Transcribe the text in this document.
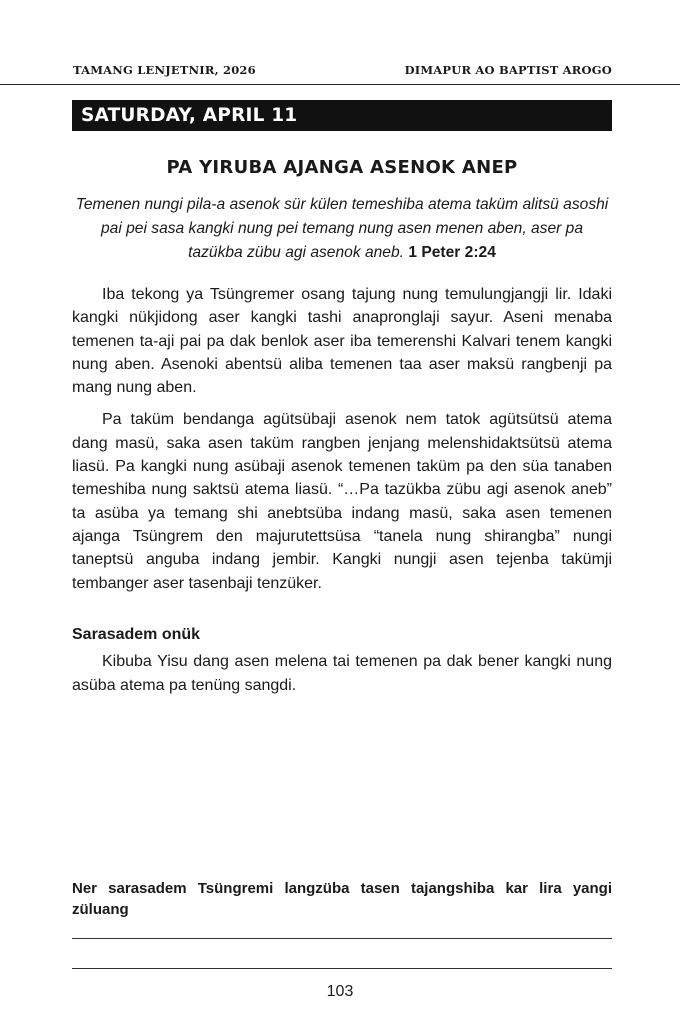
TAMANG LENJETNIR, 2026	DIMAPUR AO BAPTIST AROGO
SATURDAY, APRIL 11
PA YIRUBA AJANGA ASENOK ANEP
Temenen nungi pila-a asenok sür külen temeshiba atema taküm alitsü asoshi pai pei sasa kangki nung pei temang nung asen menen aben, aser pa tazükba zübu agi asenok aneb. 1 Peter 2:24

Iba tekong ya Tsüngremer osang tajung nung temulungjangji lir. Idaki kangki nükjidong aser kangki tashi anapronglaji sayur. Aseni menaba temenen ta-aji pai pa dak benlok aser iba temerenshi Kalvari tenem kangki nung aben. Asenoki abentsü aliba temenen taa aser maksü rangbenji pa mang nung aben.

Pa taküm bendanga agütsübaji asenok nem tatok agütsütsü atema dang masü, saka asen taküm rangben jenjang melenshidaktsütsü atema liasü. Pa kangki nung asübaji asenok temenen taküm pa den süa tanaben temeshiba nung saktsü atema liasü. “…Pa tazükba zübu agi asenok aneb” ta asüba ya temang shi anebtsüba indang masü, saka asen temenen ajanga Tsüngrem den majurutettsüsa “tanela nung shirangba” nungi taneptsü anguba indang jembir. Kangki nungji asen tejenba takümji tembanger aser tasenbaji tenzüker.

Sarasadem onük

Kibuba Yisu dang asen melena tai temenen pa dak bener kangki nung asüba atema pa tenüng sangdi.

Ner sarasadem Tsüngremi langzüba tasen tajangshiba kar lira yangi züluang
103
